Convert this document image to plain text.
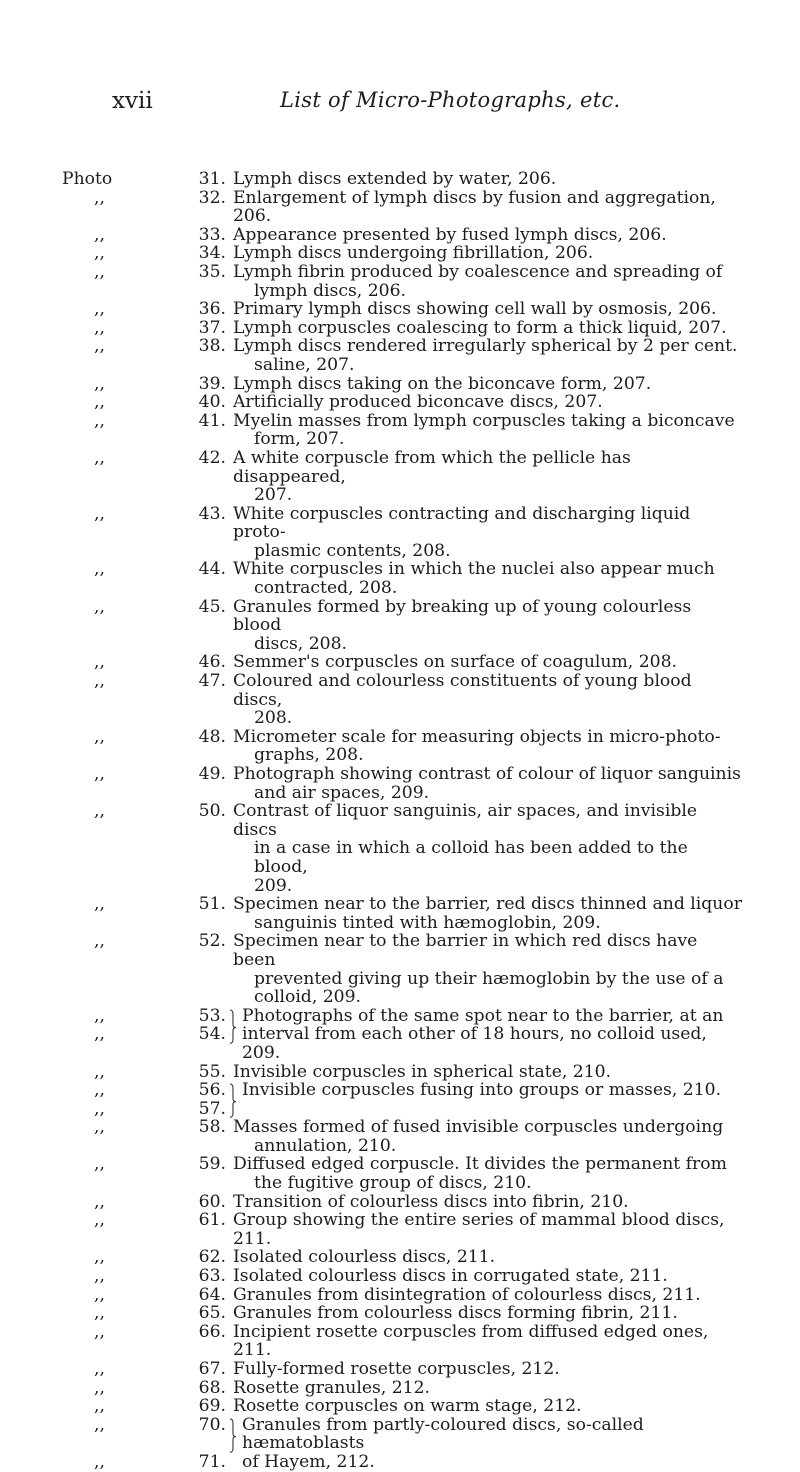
xvii	List of Micro-Photographs, etc.
Photo	31. Lymph discs extended by water, 206.
,,	32. Enlargement of lymph discs by fusion and aggregation, 206.
,,	33. Appearance presented by fused lymph discs, 206.
,,	34. Lymph discs undergoing fibrillation, 206.
,,	35. Lymph fibrin produced by coalescence and spreading of
lymph discs, 206.
,,	36. Primary lymph discs showing cell wall by osmosis, 206.
,,	37. Lymph corpuscles coalescing to form a thick liquid, 207.
,,	38. Lymph discs rendered irregularly spherical by 2 per cent.
saline, 207.
,,	39. Lymph discs taking on the biconcave form, 207.
,,	40. Artificially produced biconcave discs, 207.
,,	41. Myelin masses from lymph corpuscles taking a biconcave
form, 207.
,,	42. A white corpuscle from which the pellicle has disappeared,
207.
,,	43. White corpuscles contracting and discharging liquid proto-
plasmic contents, 208.
,,	44. White corpuscles in which the nuclei also appear much
contracted, 208.
,,	45. Granules formed by breaking up of young colourless blood
discs, 208.
,,	46. Semmer's corpuscles on surface of coagulum, 208.
,,	47. Coloured and colourless constituents of young blood discs,
208.
,,	48. Micrometer scale for measuring objects in micro-photo-
graphs, 208.
,,	49. Photograph showing contrast of colour of liquor sanguinis
and air spaces, 209.
,,	50. Contrast of liquor sanguinis, air spaces, and invisible discs
in a case in which a colloid has been added to the blood,
209.
,,	51. Specimen near to the barrier, red discs thinned and liquor
sanguinis tinted with hæmoglobin, 209.
,,	52. Specimen near to the barrier in which red discs have been
prevented giving up their hæmoglobin by the use of a
colloid, 209.
,,	53. Photographs of the same spot near to the barrier, at an
,,	54. interval from each other of 18 hours, no colloid used, 209.
,,	55. Invisible corpuscles in spherical state, 210.
,,	56. Invisible corpuscles fusing into groups or masses, 210.
,,	57.
,,	58. Masses formed of fused invisible corpuscles undergoing
annulation, 210.
,,	59. Diffused edged corpuscle. It divides the permanent from
the fugitive group of discs, 210.
,,	60. Transition of colourless discs into fibrin, 210.
,,	61. Group showing the entire series of mammal blood discs, 211.
,,	62. Isolated colourless discs, 211.
,,	63. Isolated colourless discs in corrugated state, 211.
,,	64. Granules from disintegration of colourless discs, 211.
,,	65. Granules from colourless discs forming fibrin, 211.
,,	66. Incipient rosette corpuscles from diffused edged ones, 211.
,,	67. Fully-formed rosette corpuscles, 212.
,,	68. Rosette granules, 212.
,,	69. Rosette corpuscles on warm stage, 212.
,,	70. Granules from partly-coloured discs, so-called hæmatoblasts
,,	71. of Hayem, 212.
